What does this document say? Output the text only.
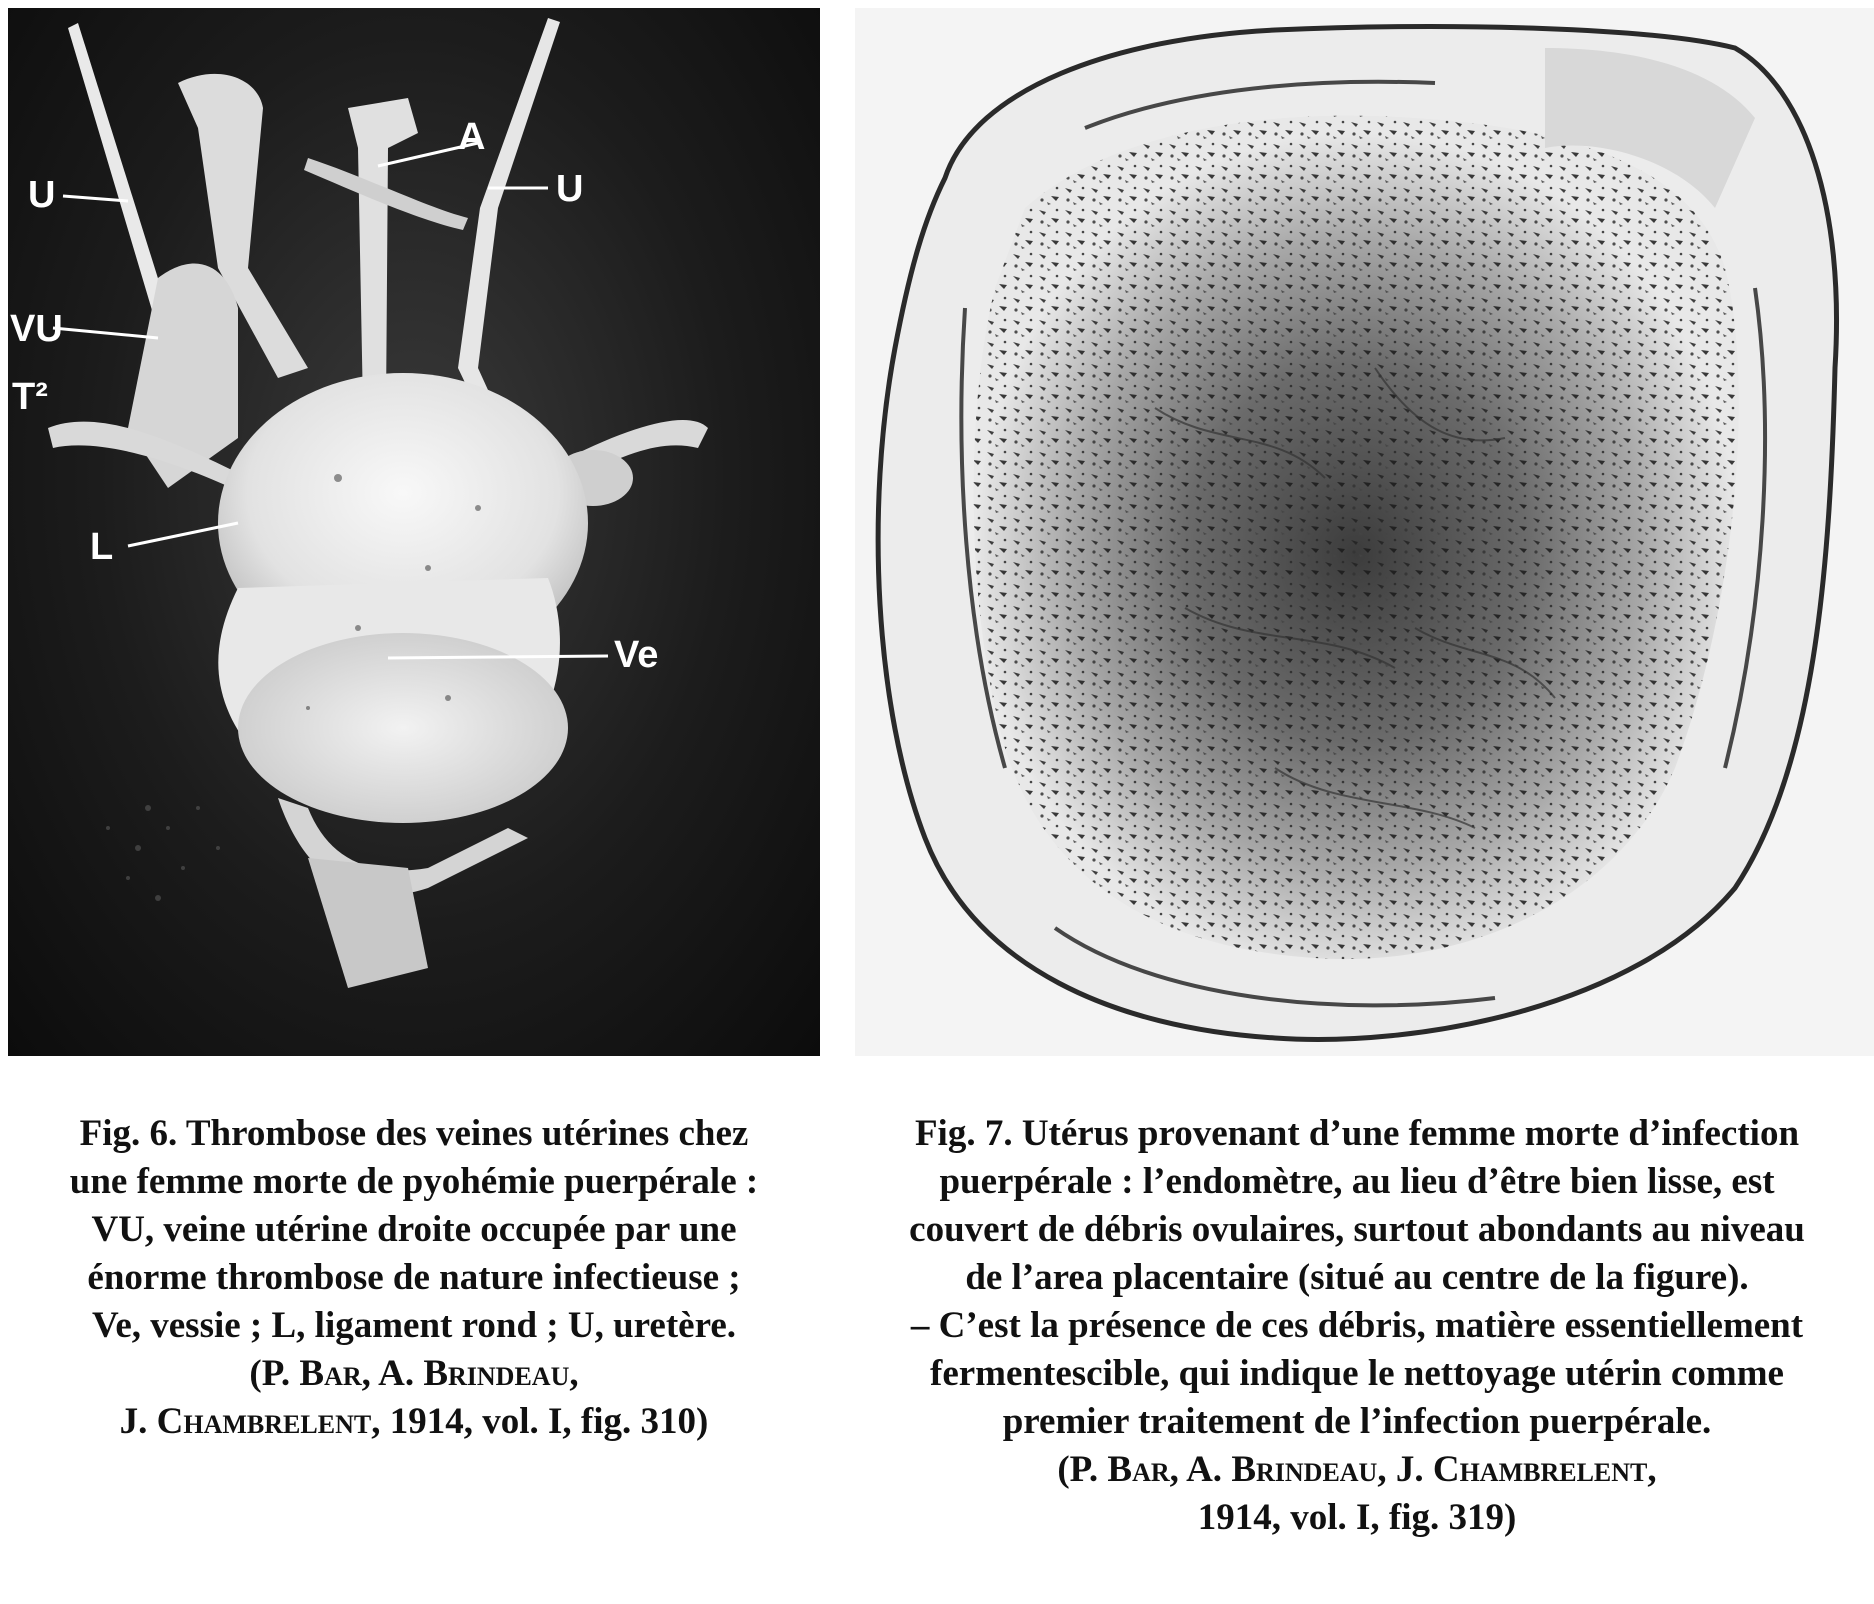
U
A
U
VU
T²
L
Ve

Fig. 6. Thrombose des veines utérines chez
une femme morte de pyohémie puerpérale :
VU, veine utérine droite occupée par une
énorme thrombose de nature infectieuse ;
Ve, vessie ; L, ligament rond ; U, uretère.
(P. Bar, A. Brindeau,
J. Chambrelent, 1914, vol. I, fig. 310)

Fig. 7. Utérus provenant d’une femme morte d’infection
puerpérale : l’endomètre, au lieu d’être bien lisse, est
couvert de débris ovulaires, surtout abondants au niveau
de l’area placentaire (situé au centre de la figure).
– C’est la présence de ces débris, matière essentiellement
fermentescible, qui indique le nettoyage utérin comme
premier traitement de l’infection puerpérale.
(P. Bar, A. Brindeau, J. Chambrelent,
1914, vol. I, fig. 319)
